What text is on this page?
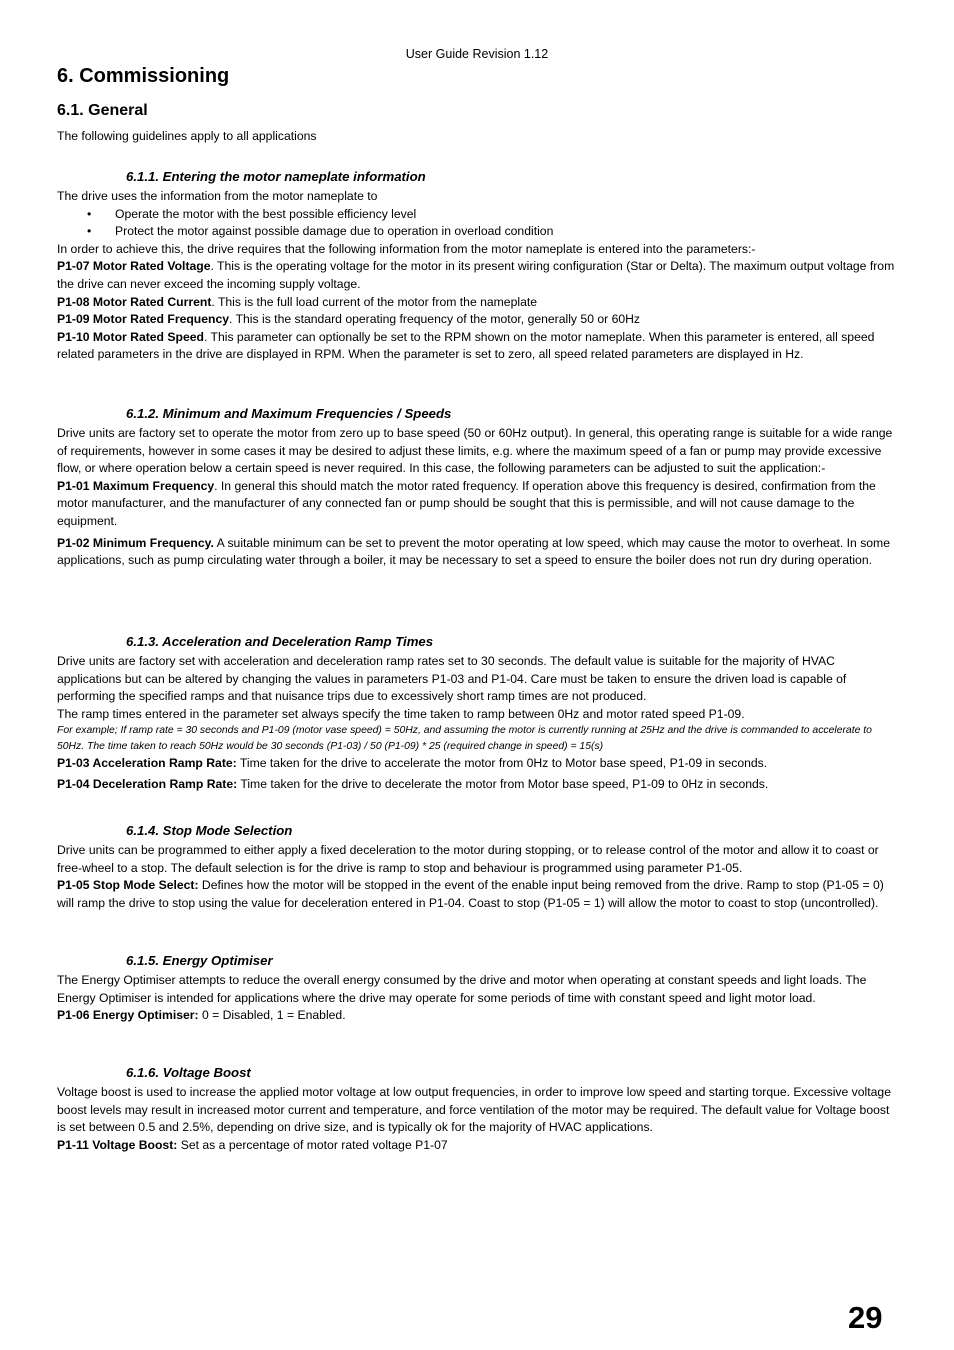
User Guide Revision 1.12
6. Commissioning
6.1. General

The following guidelines apply to all applications

6.1.1. Entering the motor nameplate information

The drive uses the information from the motor nameplate to

• Operate the motor with the best possible efficiency level
• Protect the motor against possible damage due to operation in overload condition

In order to achieve this, the drive requires that the following information from the motor nameplate is entered into the parameters:-

P1-07 Motor Rated Voltage. This is the operating voltage for the motor in its present wiring configuration (Star or Delta). The maximum output voltage from the drive can never exceed the incoming supply voltage.

P1-08 Motor Rated Current. This is the full load current of the motor from the nameplate

P1-09 Motor Rated Frequency. This is the standard operating frequency of the motor, generally 50 or 60Hz

P1-10 Motor Rated Speed. This parameter can optionally be set to the RPM shown on the motor nameplate. When this parameter is entered, all speed related parameters in the drive are displayed in RPM. When the parameter is set to zero, all speed related parameters are displayed in Hz.

6.1.2. Minimum and Maximum Frequencies / Speeds

Drive units are factory set to operate the motor from zero up to base speed (50 or 60Hz output). In general, this operating range is suitable for a wide range of requirements, however in some cases it may be desired to adjust these limits, e.g. where the maximum speed of a fan or pump may provide excessive flow, or where operation below a certain speed is never required. In this case, the following parameters can be adjusted to suit the application:-

P1-01 Maximum Frequency. In general this should match the motor rated frequency. If operation above this frequency is desired, confirmation from the motor manufacturer, and the manufacturer of any connected fan or pump should be sought that this is permissible, and will not cause damage to the equipment.

P1-02 Minimum Frequency. A suitable minimum can be set to prevent the motor operating at low speed, which may cause the motor to overheat. In some applications, such as pump circulating water through a boiler, it may be necessary to set a speed to ensure the boiler does not run dry during operation.

6.1.3. Acceleration and Deceleration Ramp Times

Drive units are factory set with acceleration and deceleration ramp rates set to 30 seconds. The default value is suitable for the majority of HVAC applications but can be altered by changing the values in parameters P1-03 and P1-04. Care must be taken to ensure the driven load is capable of performing the specified ramps and that nuisance trips due to excessively short ramp times are not produced.

The ramp times entered in the parameter set always specify the time taken to ramp between 0Hz and motor rated speed P1-09.

For example; If ramp rate = 30 seconds and P1-09 (motor vase speed) = 50Hz, and assuming the motor is currently running at 25Hz and the drive is commanded to accelerate to 50Hz. The time taken to reach 50Hz would be 30 seconds (P1-03) / 50 (P1-09) * 25 (required change in speed) = 15(s)

P1-03 Acceleration Ramp Rate: Time taken for the drive to accelerate the motor from 0Hz to Motor base speed, P1-09 in seconds.

P1-04 Deceleration Ramp Rate: Time taken for the drive to decelerate the motor from Motor base speed, P1-09 to 0Hz in seconds.

6.1.4. Stop Mode Selection

Drive units can be programmed to either apply a fixed deceleration to the motor during stopping, or to release control of the motor and allow it to coast or free-wheel to a stop. The default selection is for the drive is ramp to stop and behaviour is programmed using parameter P1-05.

P1-05 Stop Mode Select: Defines how the motor will be stopped in the event of the enable input being removed from the drive. Ramp to stop (P1-05 = 0) will ramp the drive to stop using the value for deceleration entered in P1-04. Coast to stop (P1-05 = 1) will allow the motor to coast to stop (uncontrolled).

6.1.5. Energy Optimiser

The Energy Optimiser attempts to reduce the overall energy consumed by the drive and motor when operating at constant speeds and light loads. The Energy Optimiser is intended for applications where the drive may operate for some periods of time with constant speed and light motor load.

P1-06 Energy Optimiser: 0 = Disabled, 1 = Enabled.

6.1.6. Voltage Boost

Voltage boost is used to increase the applied motor voltage at low output frequencies, in order to improve low speed and starting torque. Excessive voltage boost levels may result in increased motor current and temperature, and force ventilation of the motor may be required. The default value for Voltage boost is set between 0.5 and 2.5%, depending on drive size, and is typically ok for the majority of HVAC applications.

P1-11 Voltage Boost: Set as a percentage of motor rated voltage P1-07

29
